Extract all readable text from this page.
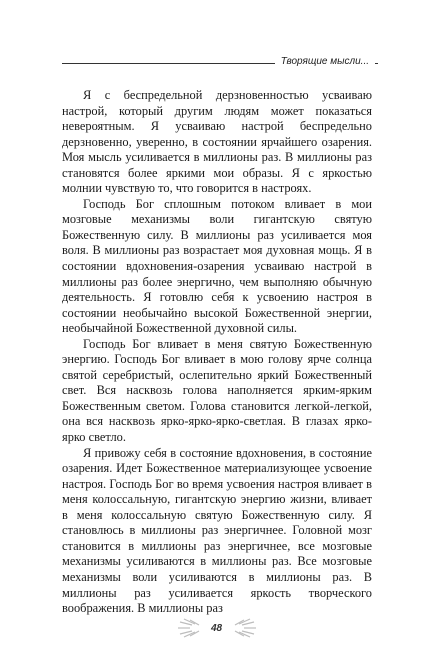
Творящие мысли...

Я с беспредельной дерзновенностью усваиваю настрой, который другим людям может показаться невероятным. Я усваиваю настрой беспредельно дерзновенно, уверенно, в состоянии ярчайшего озарения. Моя мысль усиливается в миллионы раз. В миллионы раз становятся более яркими мои образы. Я с яркостью молнии чувствую то, что говорится в настроях.

Господь Бог сплошным потоком вливает в мои мозговые механизмы воли гигантскую святую Божественную силу. В миллионы раз усиливается моя воля. В миллионы раз возрастает моя духовная мощь. Я в состоянии вдохновения-озарения усваиваю настрой в миллионы раз более энергично, чем выполняю обычную деятельность. Я готовлю себя к усвоению настроя в состоянии необычайно высокой Божественной энергии, необычайной Божественной духовной силы.

Господь Бог вливает в меня святую Божественную энергию. Господь Бог вливает в мою голову ярче солнца святой серебристый, ослепительно яркий Божественный свет. Вся насквозь голова наполняется ярким-ярким Божественным светом. Голова становится легкой-легкой, она вся насквозь ярко-ярко-ярко-светлая. В глазах ярко-ярко светло.

Я привожу себя в состояние вдохновения, в состояние озарения. Идет Божественное материализующее усвоение настроя. Господь Бог во время усвоения настроя вливает в меня колоссальную, гигантскую энергию жизни, вливает в меня колоссальную святую Божественную силу. Я становлюсь в миллионы раз энергичнее. Головной мозг становится в миллионы раз энергичнее, все мозговые механизмы усиливаются в миллионы раз. Все мозговые механизмы воли усиливаются в миллионы раз. В миллионы раз усиливается яркость творческого воображения. В миллионы раз

48
